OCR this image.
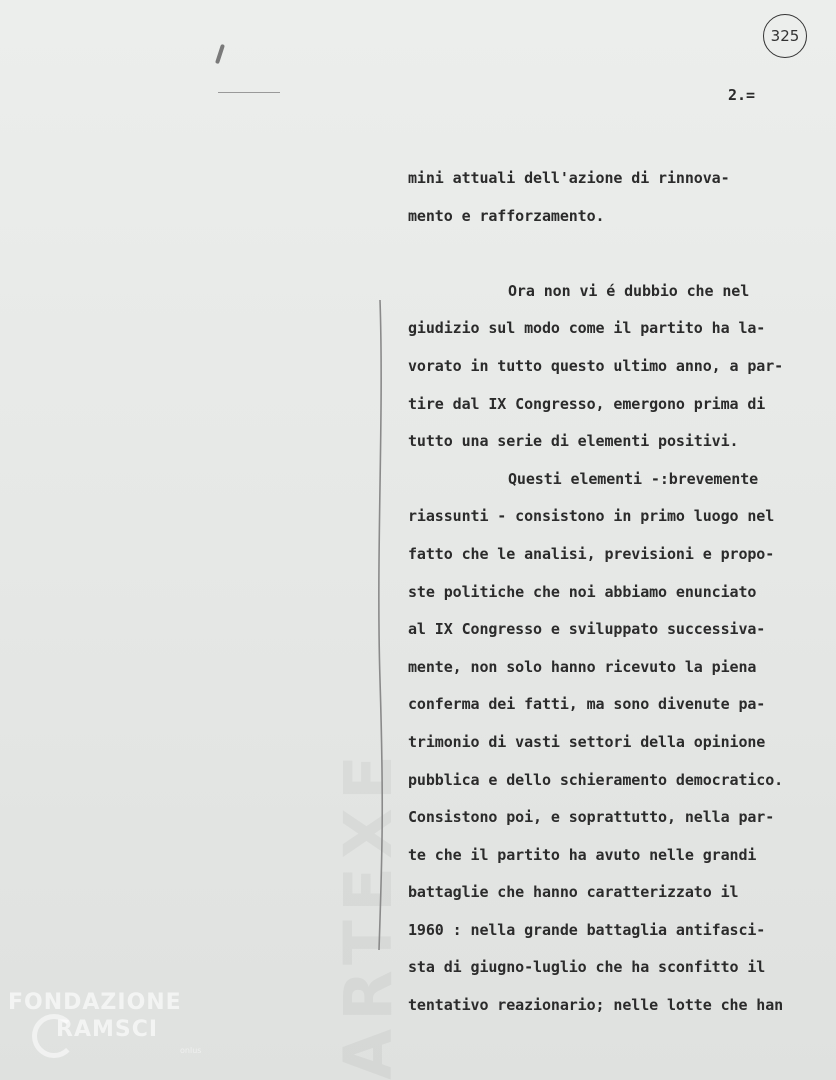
325
2.=
mini attuali dell'azione di rinnova-
mento e rafforzamento.
Ora non vi é dubbio che nel
giudizio sul modo come il partito ha la-
vorato in tutto questo ultimo anno, a par-
tire dal IX Congresso, emergono prima di
tutto una serie di elementi positivi.
Questi elementi -:brevemente
riassunti - consistono in primo luogo nel
fatto che le analisi, previsioni e propo-
ste politiche che noi abbiamo enunciato
al IX Congresso e sviluppato successiva-
mente, non solo hanno ricevuto la piena
conferma dei fatti, ma sono divenute pa-
trimonio di vasti settori della opinione
pubblica e dello schieramento democratico.
Consistono poi, e soprattutto, nella par-
te che il partito ha avuto nelle grandi
battaglie che hanno caratterizzato il
1960 : nella grande battaglia antifasci-
sta di giugno-luglio che ha sconfitto il
tentativo reazionario; nelle lotte che han
FONDAZIONE
RAMSCI
onlus
